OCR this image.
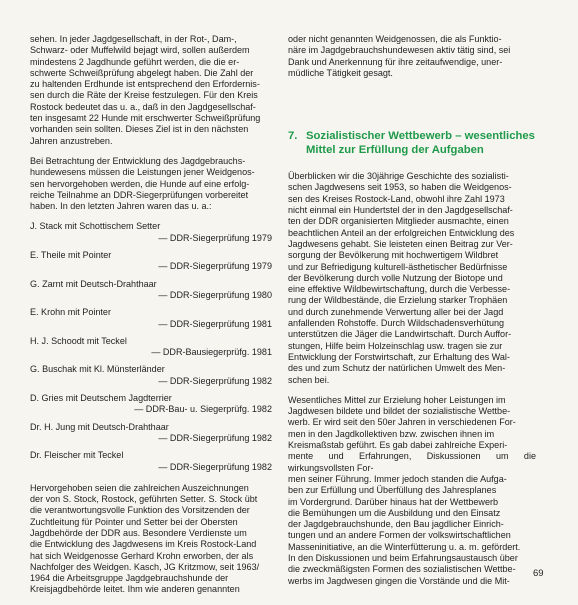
sehen. In jeder Jagdgesellschaft, in der Rot-, Dam-,

Schwarz- oder Muffelwild bejagt wird, sollen außerdem

mindestens 2 Jagdhunde geführt werden, die die er-

schwerte Schweißprüfung abgelegt haben. Die Zahl der

zu haltenden Erdhunde ist entsprechend den Erfordernis-

sen durch die Räte der Kreise festzulegen. Für den Kreis

Rostock bedeutet das u. a., daß in den Jagdgesellschaf-

ten insgesamt 22 Hunde mit erschwerter Schweißprüfung

vorhanden sein sollten. Dieses Ziel ist in den nächsten

Jahren anzustreben.

Bei Betrachtung der Entwicklung des Jagdgebrauchs-

hundewesens müssen die Leistungen jener Weidgenos-

sen hervorgehoben werden, die Hunde auf eine erfolg-

reiche Teilnahme an DDR-Siegerprüfungen vorbereitet

haben. In den letzten Jahren waren das u. a.:

J. Stack mit Schottischem Setter
— DDR-Siegerprüfung 1979
E. Theile mit Pointer
— DDR-Siegerprüfung 1979
G. Zarnt mit Deutsch-Drahthaar
— DDR-Siegerprüfung 1980
E. Krohn mit Pointer
— DDR-Siegerprüfung 1981
H. J. Schoodt mit Teckel
— DDR-Bausiegerprüfg. 1981
G. Buschak mit Kl. Münsterländer
— DDR-Siegerprüfung 1982
D. Gries mit Deutschem Jagdterrier
— DDR-Bau- u. Siegerprüfg. 1982
Dr. H. Jung mit Deutsch-Drahthaar
— DDR-Siegerprüfung 1982
Dr. Fleischer mit Teckel
— DDR-Siegerprüfung 1982

Hervorgehoben seien die zahlreichen Auszeichnungen

der von S. Stock, Rostock, geführten Setter. S. Stock übt

die verantwortungsvolle Funktion des Vorsitzenden der

Zuchtleitung für Pointer und Setter bei der Obersten

Jagdbehörde der DDR aus. Besondere Verdienste um

die Entwicklung des Jagdwesens im Kreis Rostock-Land

hat sich Weidgenosse Gerhard Krohn erworben, der als

Nachfolger des Weidgen. Kasch, JG Kritzmow, seit 1963/

1964 die Arbeitsgruppe Jagdgebrauchshunde der

Kreisjagdbehörde leitet. Ihm wie anderen genannten

oder nicht genannten Weidgenossen, die als Funktio-

näre im Jagdgebrauchshundewesen aktiv tätig sind, sei

Dank und Anerkennung für ihre zeitaufwendige, uner-

müdliche Tätigkeit gesagt.

7. Sozialistischer Wettbewerb – wesentliches
Mittel zur Erfüllung der Aufgaben

Überblicken wir die 30jährige Geschichte des sozialisti-

schen Jagdwesens seit 1953, so haben die Weidgenos-

sen des Kreises Rostock-Land, obwohl ihre Zahl 1973

nicht einmal ein Hundertstel der in den Jagdgesellschaf-

ten der DDR organisierten Mitglieder ausmachte, einen

beachtlichen Anteil an der erfolgreichen Entwicklung des

Jagdwesens gehabt. Sie leisteten einen Beitrag zur Ver-

sorgung der Bevölkerung mit hochwertigem Wildbret

und zur Befriedigung kulturell-ästhetischer Bedürfnisse

der Bevölkerung durch volle Nutzung der Biotope und

eine effektive Wildbewirtschaftung, durch die Verbesse-

rung der Wildbestände, die Erzielung starker Trophäen

und durch zunehmende Verwertung aller bei der Jagd

anfallenden Rohstoffe. Durch Wildschadensverhütung

unterstützen die Jäger die Landwirtschaft. Durch Auffor-

stungen, Hilfe beim Holzeinschlag usw. tragen sie zur

Entwicklung der Forstwirtschaft, zur Erhaltung des Wal-

des und zum Schutz der natürlichen Umwelt des Men-

schen bei.

Wesentliches Mittel zur Erzielung hoher Leistungen im

Jagdwesen bildete und bildet der sozialistische Wettbe-

werb. Er wird seit den 50er Jahren in verschiedenen For-

men in den Jagdkollektiven bzw. zwischen ihnen im

Kreismaßstab geführt. Es gab dabei zahlreiche Experi-

mente und Erfahrungen, Diskussionen um die wirkungsvollsten For-

men seiner Führung. Immer jedoch standen die Aufga-

ben zur Erfüllung und Überfüllung des Jahresplanes

im Vordergrund. Darüber hinaus hat der Wettbewerb

die Bemühungen um die Ausbildung und den Einsatz

der Jagdgebrauchshunde, den Bau jagdlicher Einrich-

tungen und an andere Formen der volkswirtschaftlichen

Masseninitiative, an die Winterfütterung u. a. m. gefördert.

In den Diskussionen und beim Erfahrungsaustausch über

die zweckmäßigsten Formen des sozialistischen Wettbe-

werbs im Jagdwesen gingen die Vorstände und die Mit-

69
